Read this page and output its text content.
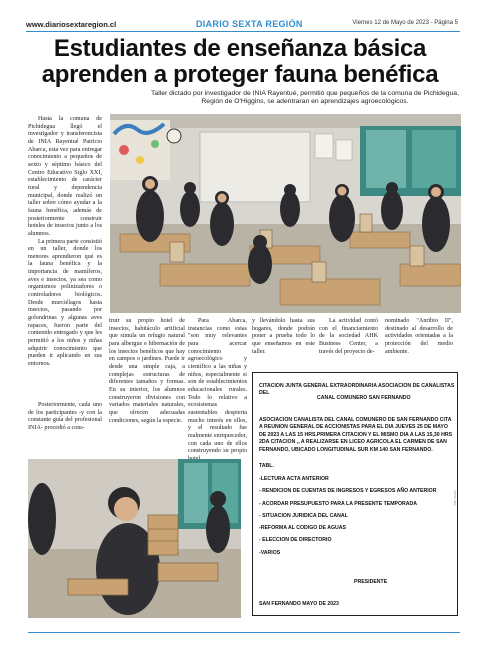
www.diariosextaregion.cl	DIARIO SEXTA REGIÓN	Viernes 12 de Mayo de 2023 - Página 5
Estudiantes de enseñanza básica
aprenden a proteger fauna benéfica
Taller dictado por investigador de INIA Rayentué, permitió que pequeños de la comuna de Pichidegua,
Región de O'Higgins, se adentraran en aprendizajes agroecológicos.

Hasta la comuna de Pichidegua llegó el investigador y transferencista de INIA Rayentué Patricio Abarca, esta vez para entregar conocimiento a pequeños de sexto y séptimo básico del Centro Educativo Siglo XXI, establecimiento de carácter rural y dependencia municipal, donde realizó un taller sobre cómo ayudar a la fauna benéfica, además de posteriormente construir hoteles de insectos junto a los alumnos.

La primera parte consistió en un taller, donde los menores aprendieron qué es la fauna benéfica y la importancia de mamíferos, aves e insectos, ya sea como organismos polinizadores o controladores biológicos. Desde murciélagos hasta insectos, pasando por golondrinas y algunas aves rapaces, fueron parte del contenido entregado y que les permitió a los niños y niñas adquirir conocimiento que pueden ir aplicando en sus entornos.

Posteriormente, cada uno de los participantes -y con la constante guía del profesional INIA- procedió a cons-

truir su propio hotel de insectos, habitáculo artificial que simula un refugio natural para albergue e hibernación de los insectos benéficos que hay en campos o jardines. Puede ir desde una simple caja, a complejas estructuras de diferentes tamaños y formas. En su interior, los alumnos construyeron divisiones con variados materiales naturales, que ofrecen adecuadas condiciones, según la especie.

Para Abarca, instancias como estas "son muy relevantes para acercar conocimiento agroecológico y científico a las niñas y niños, especialmente si son de establecimientos educacionales rurales. Todo lo relativo a ecosistemas sustentables despierta mucho interés en ellos, y el resultado fue realmente enriquecedor, con cada uno de ellos construyendo su propio

y llevándolo hasta sus hogares, donde podrán poner a prueba todo lo que enseñamos en este taller.

La actividad contó con el financiamiento de la sociedad AHK Business Center, a través del proyecto de-

nominado "Anribio II", destinado al desarrollo de actividades orientadas a la protección del medio ambiente.

CITACION JUNTA GENERAL EXTRAORDINARIA ASOCIACION DE CANALISTAS DEL
CANAL COMUNERO SAN FERNANDO
ASOCIACION CANALISTA DEL CANAL COMUNERO DE SAN FERNANDO CITA A REUNION GENERAL DE ACCIONISTAS PARA EL DIA JUEVES 25 DE MAYO DE 2023 A LAS 15 HRS.PRIMERA CITACION Y EL MISMO DIA A LAS 15,30 HRS 2DA CITACION ,, A REALIZARSE EN LICEO AGRICOLA EL CARMEN DE SAN FERNANDO, UBICADO LONGITUDINAL SUR KM 140 SAN FERNANDO.
TABL.
-LECTURA ACTA ANTERIOR
- RENDICION DE CUENTAS DE INGRESOS Y EGRESOS AÑO ANTERIOR
- ACORDAR PRESUPUESTO PARA LA PRESENTE TEMPORADA
- SITUACION JURIDICA DEL CANAL
-REFORMA AL CODIGO DE AGUAS
- ELECCION DE DIRECTORIO
-VARIOS
PRESIDENTE
SAN FERNANDO MAYO DE 2023
FOTO: INIA
